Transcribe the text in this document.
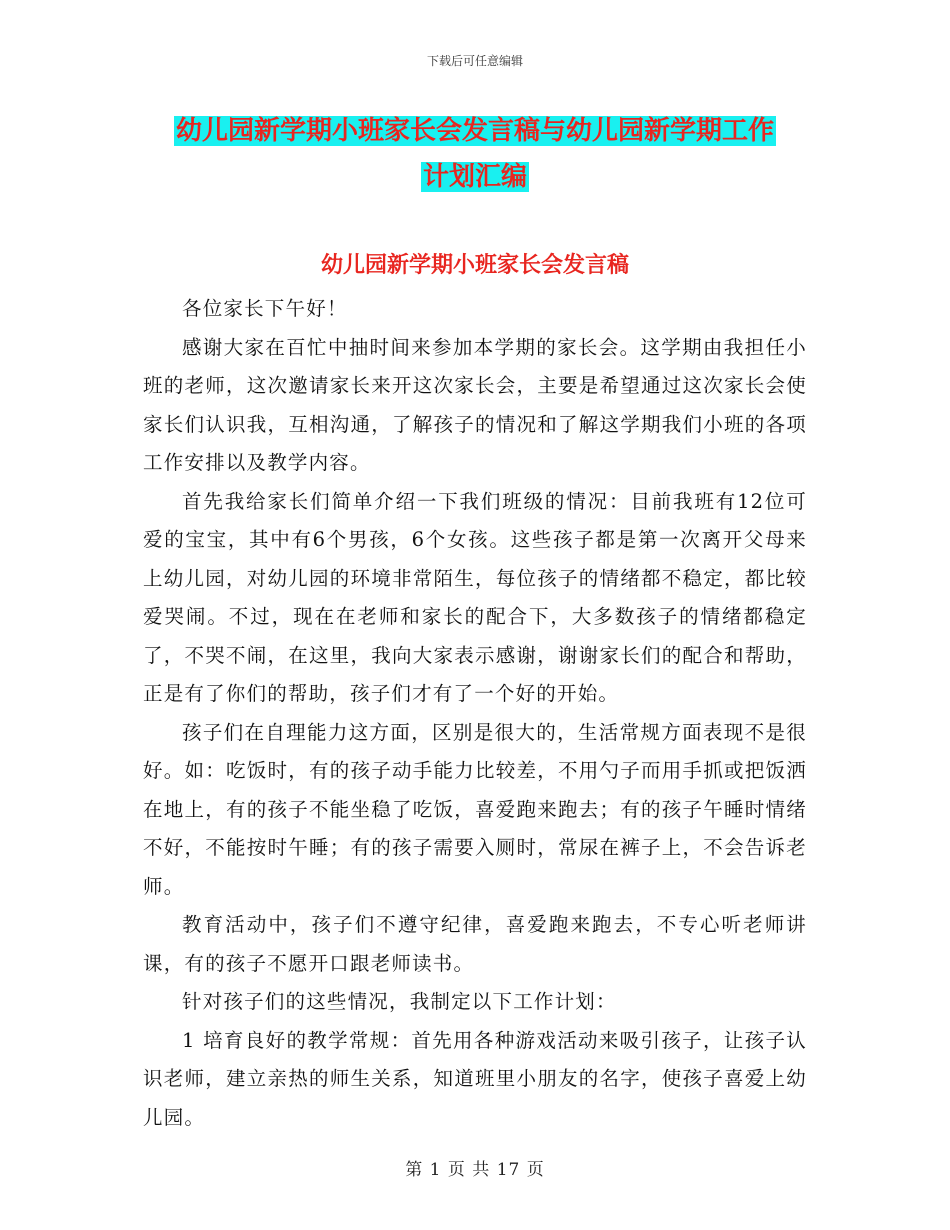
下载后可任意编辑
幼儿园新学期小班家长会发言稿与幼儿园新学期工作
计划汇编
幼儿园新学期小班家长会发言稿

各位家长下午好！

感谢大家在百忙中抽时间来参加本学期的家长会。这学期由我担任小班的老师，这次邀请家长来开这次家长会，主要是希望通过这次家长会使家长们认识我，互相沟通，了解孩子的情况和了解这学期我们小班的各项工作安排以及教学内容。

首先我给家长们简单介绍一下我们班级的情况：目前我班有12位可爱的宝宝，其中有6个男孩，6个女孩。这些孩子都是第一次离开父母来上幼儿园，对幼儿园的环境非常陌生，每位孩子的情绪都不稳定，都比较爱哭闹。不过，现在在老师和家长的配合下，大多数孩子的情绪都稳定了，不哭不闹，在这里，我向大家表示感谢，谢谢家长们的配合和帮助，正是有了你们的帮助，孩子们才有了一个好的开始。

孩子们在自理能力这方面，区别是很大的，生活常规方面表现不是很好。如：吃饭时，有的孩子动手能力比较差，不用勺子而用手抓或把饭洒在地上，有的孩子不能坐稳了吃饭，喜爱跑来跑去；有的孩子午睡时情绪不好，不能按时午睡；有的孩子需要入厕时，常尿在裤子上，不会告诉老师。

教育活动中，孩子们不遵守纪律，喜爱跑来跑去，不专心听老师讲课，有的孩子不愿开口跟老师读书。

针对孩子们的这些情况，我制定以下工作计划：

1 培育良好的教学常规：首先用各种游戏活动来吸引孩子，让孩子认识老师，建立亲热的师生关系，知道班里小朋友的名字，使孩子喜爱上幼儿园。

第 1 页 共 17 页
